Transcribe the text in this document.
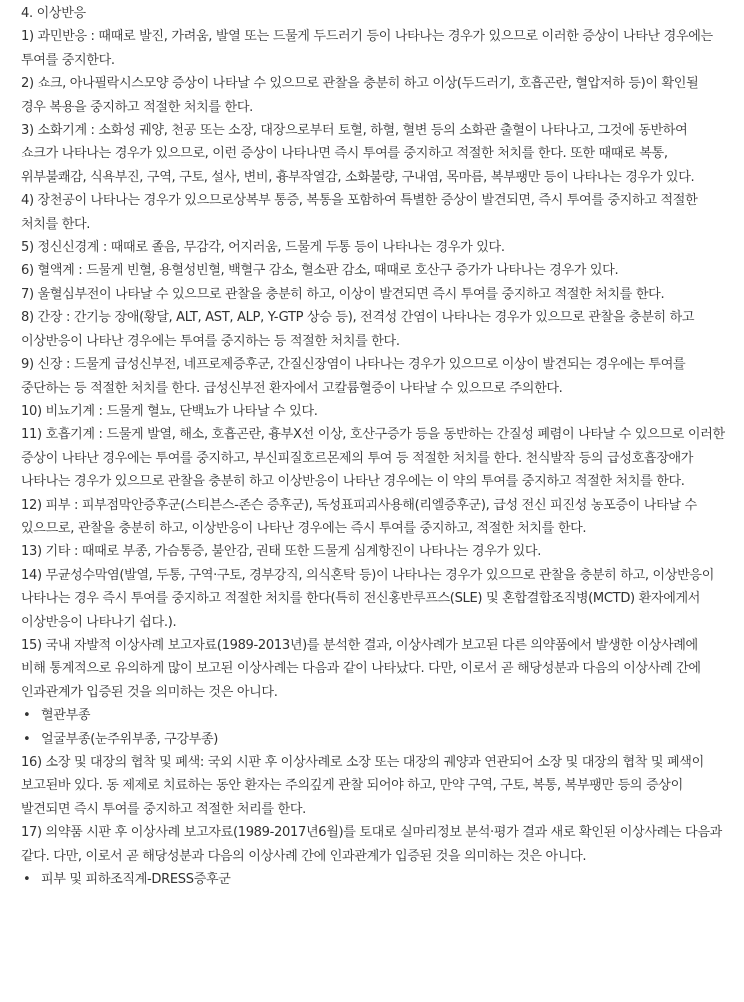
4. 이상반응

1) 과민반응 : 때때로 발진, 가려움, 발열 또는 드물게 두드러기 등이 나타나는 경우가 있으므로 이러한 증상이 나타난 경우에는 투여를 중지한다.

2) 쇼크, 아나필락시스모양 증상이 나타날 수 있으므로 관찰을 충분히 하고 이상(두드러기, 호흡곤란, 혈압저하 등)이 확인될 경우 복용을 중지하고 적절한 처치를 한다.

3) 소화기계 : 소화성 궤양, 천공 또는 소장, 대장으로부터 토혈, 하혈, 혈변 등의 소화관 출혈이 나타나고, 그것에 동반하여 쇼크가 나타나는 경우가 있으므로, 이런 증상이 나타나면 즉시 투여를 중지하고 적절한 처치를 한다. 또한 때때로 복통, 위부불쾌감, 식욕부진, 구역, 구토, 설사, 변비, 흉부작열감, 소화불량, 구내염, 목마름, 복부팽만 등이 나타나는 경우가 있다.

4) 장천공이 나타나는 경우가 있으므로상복부 통증, 복통을 포함하여 특별한 증상이 발견되면, 즉시 투여를 중지하고 적절한 처치를 한다.

5) 정신신경계 : 때때로 졸음, 무감각, 어지러움, 드물게 두통 등이 나타나는 경우가 있다.

6) 혈액계 : 드물게 빈혈, 용혈성빈혈, 백혈구 감소, 혈소판 감소, 때때로 호산구 증가가 나타나는 경우가 있다.

7) 울혈심부전이 나타날 수 있으므로 관찰을 충분히 하고, 이상이 발견되면 즉시 투여를 중지하고 적절한 처치를 한다.

8) 간장 : 간기능 장애(황달, ALT, AST, ALP, Y-GTP 상승 등), 전격성 간염이 나타나는 경우가 있으므로 관찰을 충분히 하고 이상반응이 나타난 경우에는 투여를 중지하는 등 적절한 처치를 한다.

9) 신장 : 드물게 급성신부전, 네프로제증후군, 간질신장염이 나타나는 경우가 있으므로 이상이 발견되는 경우에는 투여를 중단하는 등 적절한 처치를 한다. 급성신부전 환자에서 고칼륨혈증이 나타날 수 있으므로 주의한다.

10) 비뇨기계 : 드물게 혈뇨, 단백뇨가 나타날 수 있다.

11) 호흡기계 : 드물게 발열, 해소, 호흡곤란, 흉부X선 이상, 호산구증가 등을 동반하는 간질성 폐렴이 나타날 수 있으므로 이러한 증상이 나타난 경우에는 투여를 중지하고, 부신피질호르몬제의 투여 등 적절한 처치를 한다. 천식발작 등의 급성호흡장애가 나타나는 경우가 있으므로 관찰을 충분히 하고 이상반응이 나타난 경우에는 이 약의 투여를 중지하고 적절한 처치를 한다.

12) 피부 : 피부점막안증후군(스티븐스-존슨 증후군), 독성표피괴사용해(리엘증후군), 급성 전신 피진성 농포증이 나타날 수 있으므로, 관찰을 충분히 하고, 이상반응이 나타난 경우에는 즉시 투여를 중지하고, 적절한 처치를 한다.

13) 기타 : 때때로 부종, 가슴통증, 불안감, 권태 또한 드물게 심계항진이 나타나는 경우가 있다.

14) 무균성수막염(발열, 두통, 구역·구토, 경부강직, 의식혼탁 등)이 나타나는 경우가 있으므로 관찰을 충분히 하고, 이상반응이 나타나는 경우 즉시 투여를 중지하고 적절한 처치를 한다(특히 전신홍반루프스(SLE) 및 혼합결합조직병(MCTD) 환자에게서 이상반응이 나타나기 쉽다.).

15) 국내 자발적 이상사례 보고자료(1989-2013년)를 분석한 결과, 이상사례가 보고된 다른 의약품에서 발생한 이상사례에 비해 통계적으로 유의하게 많이 보고된 이상사례는 다음과 같이 나타났다. 다만, 이로서 곧 해당성분과 다음의 이상사례 간에 인과관계가 입증된 것을 의미하는 것은 아니다.

• 혈관부종

• 얼굴부종(눈주위부종, 구강부종)

16) 소장 및 대장의 협착 및 폐색: 국외 시판 후 이상사례로 소장 또는 대장의 궤양과 연관되어 소장 및 대장의 협착 및 폐색이 보고된바 있다. 동 제제로 치료하는 동안 환자는 주의깊게 관찰 되어야 하고, 만약 구역, 구토, 복통, 복부팽만 등의 증상이 발견되면 즉시 투여를 중지하고 적절한 처리를 한다.

17) 의약품 시판 후 이상사례 보고자료(1989-2017년6월)를 토대로 실마리정보 분석·평가 결과 새로 확인된 이상사례는 다음과 같다. 다만, 이로서 곧 해당성분과 다음의 이상사례 간에 인과관계가 입증된 것을 의미하는 것은 아니다.

• 피부 및 피하조직계-DRESS증후군
